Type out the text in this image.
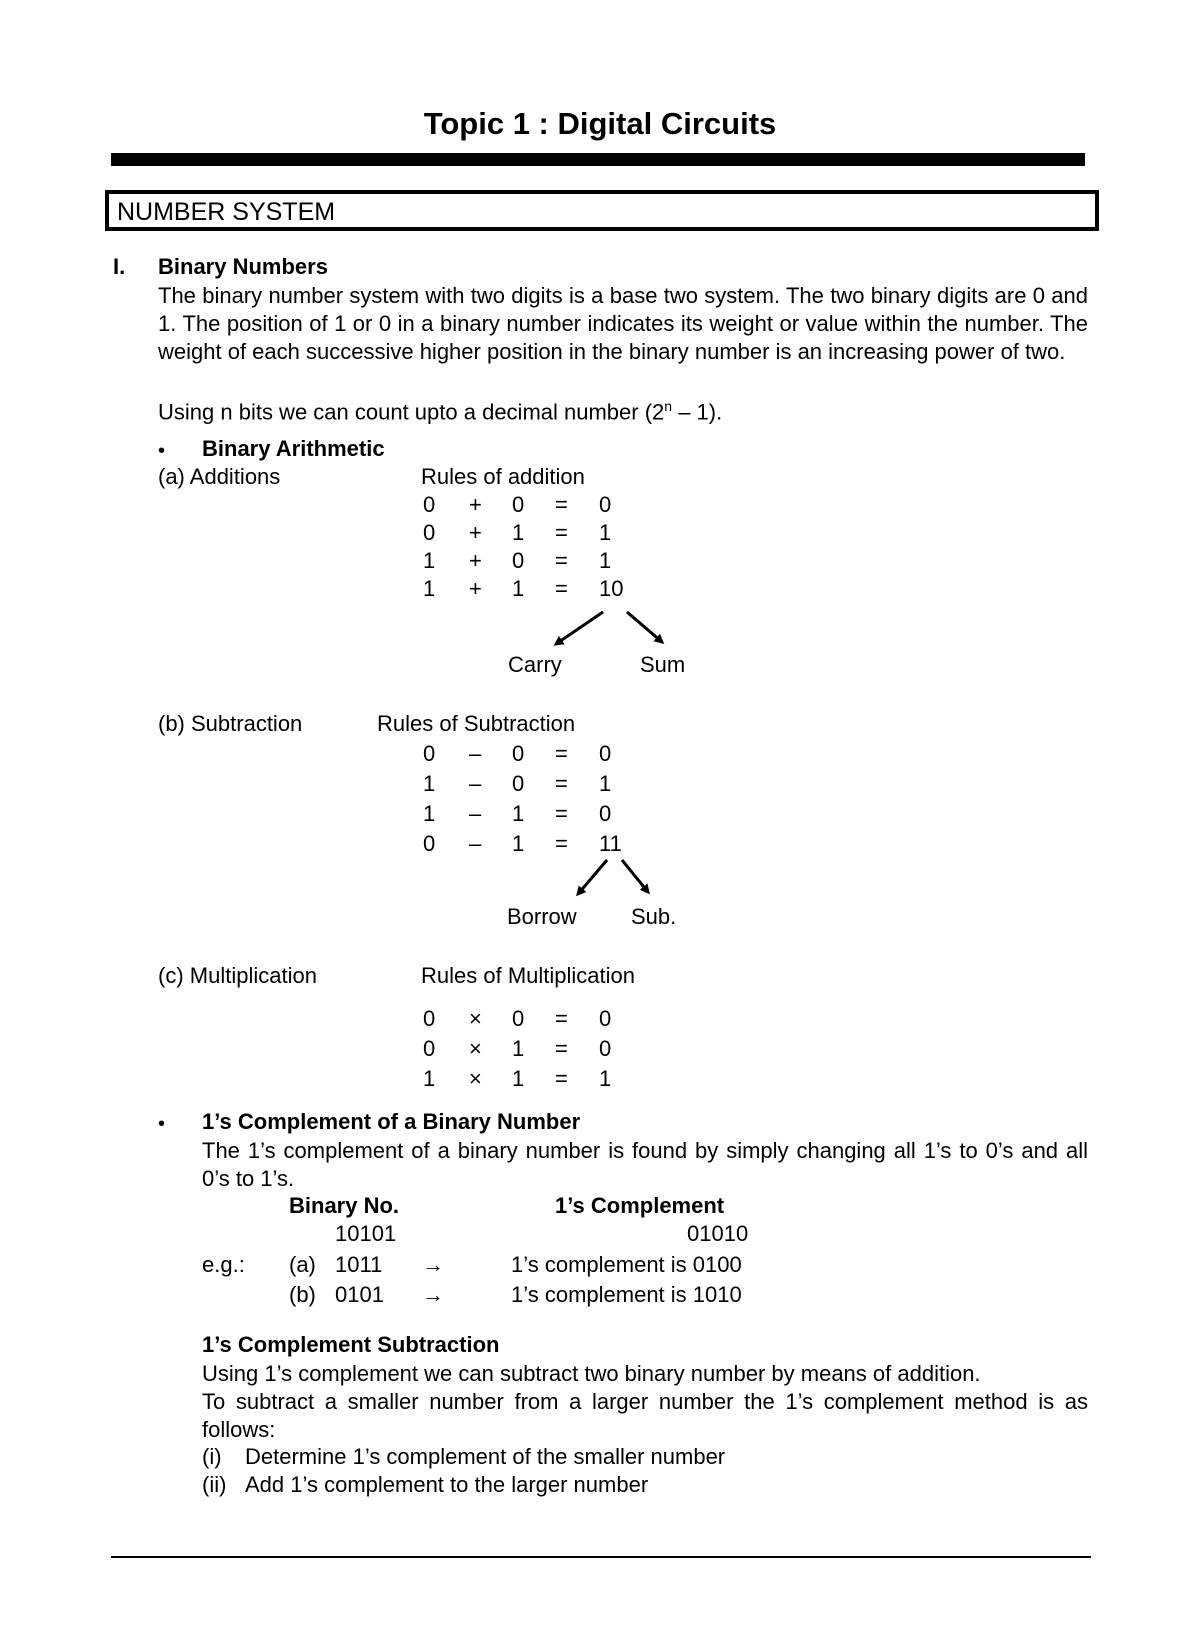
Topic 1 : Digital Circuits
NUMBER SYSTEM
I. Binary Numbers
The binary number system with two digits is a base two system. The two binary digits are 0 and 1. The position of 1 or 0 in a binary number indicates its weight or value within the number. The weight of each successive higher position in the binary number is an increasing power of two.
Using n bits we can count upto a decimal number (2$^n$ – 1).
• Binary Arithmetic
(a) Additions	Rules of addition
0 + 0 = 0
0 + 1 = 1
1 + 0 = 1
1 + 1 = 10
Carry	Sum
(b) Subtraction	Rules of Subtraction
0 – 0 = 0
1 – 0 = 1
1 – 1 = 0
0 – 1 = 11
Borrow Sub.
(c) Multiplication	Rules of Multiplication
0 × 0 = 0
0 × 1 = 0
1 × 1 = 1
• 1’s Complement of a Binary Number
The 1’s complement of a binary number is found by simply changing all 1’s to 0’s and all 0’s to 1’s.
Binary No.	1’s Complement
10101	01010
e.g.: (a) 1011 →	1’s complement is 0100
(b) 0101 →	1’s complement is 1010
1’s Complement Subtraction
Using 1’s complement we can subtract two binary number by means of addition.
To subtract a smaller number from a larger number the 1’s complement method is as follows:
(i) Determine 1’s complement of the smaller number
(ii) Add 1’s complement to the larger number
